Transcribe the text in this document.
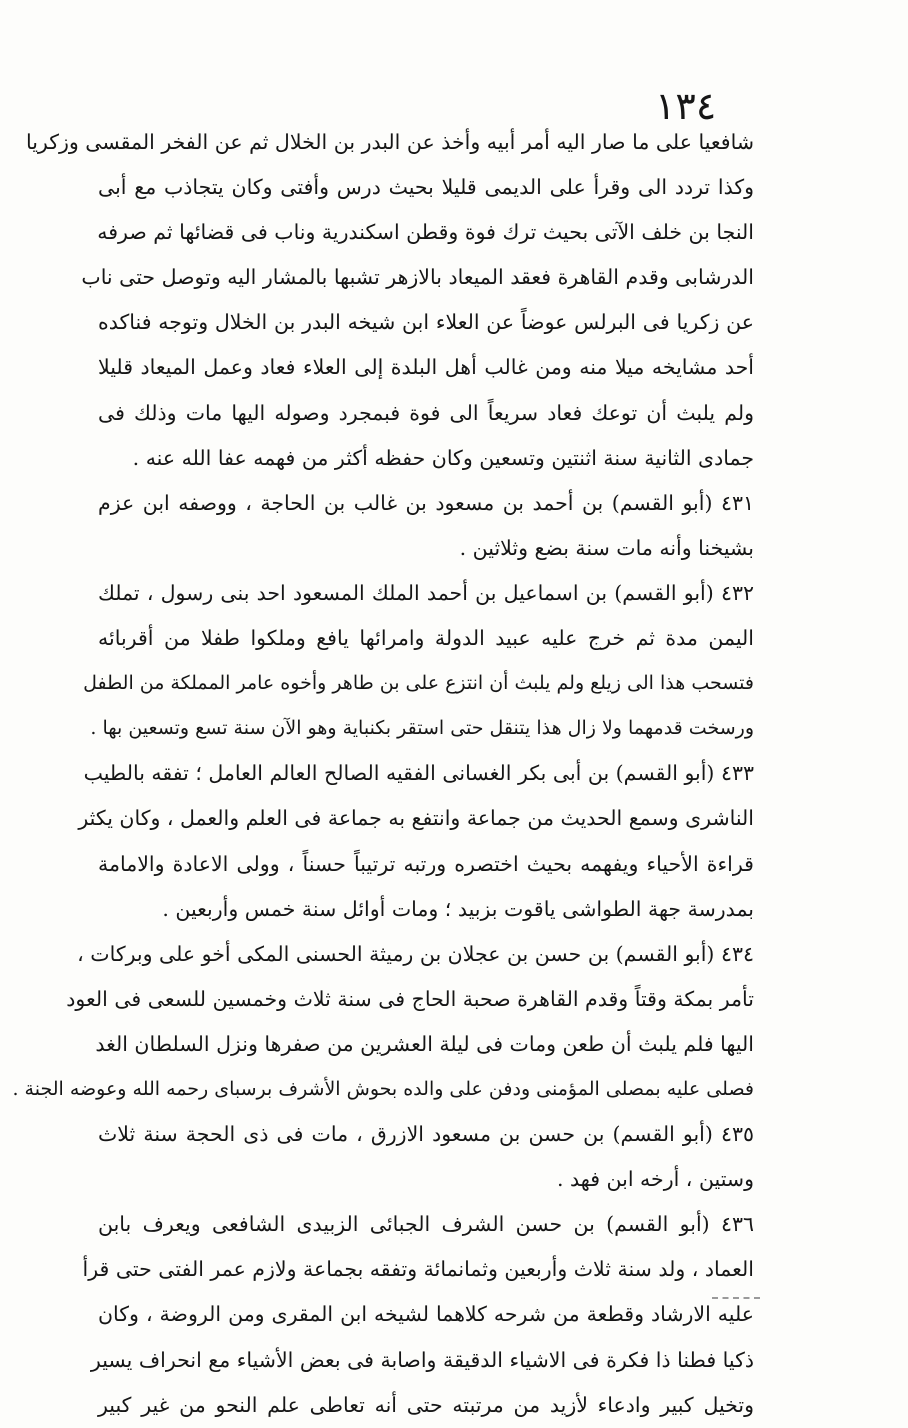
١٣٤
شافعيا على ما صار اليه أمر أبيه وأخذ عن البدر بن الخلال ثم عن الفخر المقسى وزكريا
وكذا تردد الى وقرأ على الديمى قليلا بحيث درس وأفتى وكان يتجاذب مع أبى
النجا بن خلف الآتى بحيث ترك فوة وقطن اسكندرية وناب فى قضائها ثم صرفه
الدرشابى وقدم القاهرة فعقد الميعاد بالازهر تشبها بالمشار اليه وتوصل حتى ناب
عن زكريا فى البرلس عوضاً عن العلاء ابن شيخه البدر بن الخلال وتوجه فناكده
أحد مشايخه ميلا منه ومن غالب أهل البلدة إلى العلاء فعاد وعمل الميعاد قليلا
ولم يلبث أن توعك فعاد سريعاً الى فوة فبمجرد وصوله اليها مات وذلك فى
جمادى الثانية سنة اثنتين وتسعين وكان حفظه أكثر من فهمه عفا الله عنه .
٤٣١ (أبو القسم) بن أحمد بن مسعود بن غالب بن الحاجة ، ووصفه ابن عزم
بشيخنا وأنه مات سنة بضع وثلاثين .
٤٣٢ (أبو القسم) بن اسماعيل بن أحمد الملك المسعود احد بنى رسول ، تملك
اليمن مدة ثم خرج عليه عبيد الدولة وامرائها يافع وملكوا طفلا من أقربائه
فتسحب هذا الى زيلع ولم يلبث أن انتزع على بن طاهر وأخوه عامر المملكة من الطفل
ورسخت قدمهما ولا زال هذا يتنقل حتى استقر بكنباية وهو الآن سنة تسع وتسعين بها .
٤٣٣ (أبو القسم) بن أبى بكر الغسانى الفقيه الصالح العالم العامل ؛ تفقه بالطيب
الناشرى وسمع الحديث من جماعة وانتفع به جماعة فى العلم والعمل ، وكان يكثر
قراءة الأحياء ويفهمه بحيث اختصره ورتبه ترتيباً حسناً ، وولى الاعادة والامامة
بمدرسة جهة الطواشى ياقوت بزبيد ؛ ومات أوائل سنة خمس وأربعين .
٤٣٤ (أبو القسم) بن حسن بن عجلان بن رميثة الحسنى المكى أخو على وبركات ،
تأمر بمكة وقتاً وقدم القاهرة صحبة الحاج فى سنة ثلاث وخمسين للسعى فى العود
اليها فلم يلبث أن طعن ومات فى ليلة العشرين من صفرها ونزل السلطان الغد
فصلى عليه بمصلى المؤمنى ودفن على والده بحوش الأشرف برسباى رحمه الله وعوضه الجنة .
٤٣٥ (أبو القسم) بن حسن بن مسعود الازرق ، مات فى ذى الحجة سنة ثلاث
وستين ، أرخه ابن فهد .
٤٣٦ (أبو القسم) بن حسن الشرف الجبائى الزبيدى الشافعى ويعرف بابن
العماد ، ولد سنة ثلاث وأربعين وثمانمائة وتفقه بجماعة ولازم عمر الفتى حتى قرأ
عليه الارشاد وقطعة من شرحه كلاهما لشيخه ابن المقرى ومن الروضة ، وكان
ذكيا فطنا ذا فكرة فى الاشياء الدقيقة واصابة فى بعض الأشياء مع انحراف يسير
وتخيل كبير وادعاء لأزيد من مرتبته حتى أنه تعاطى علم النحو من غير كبير
